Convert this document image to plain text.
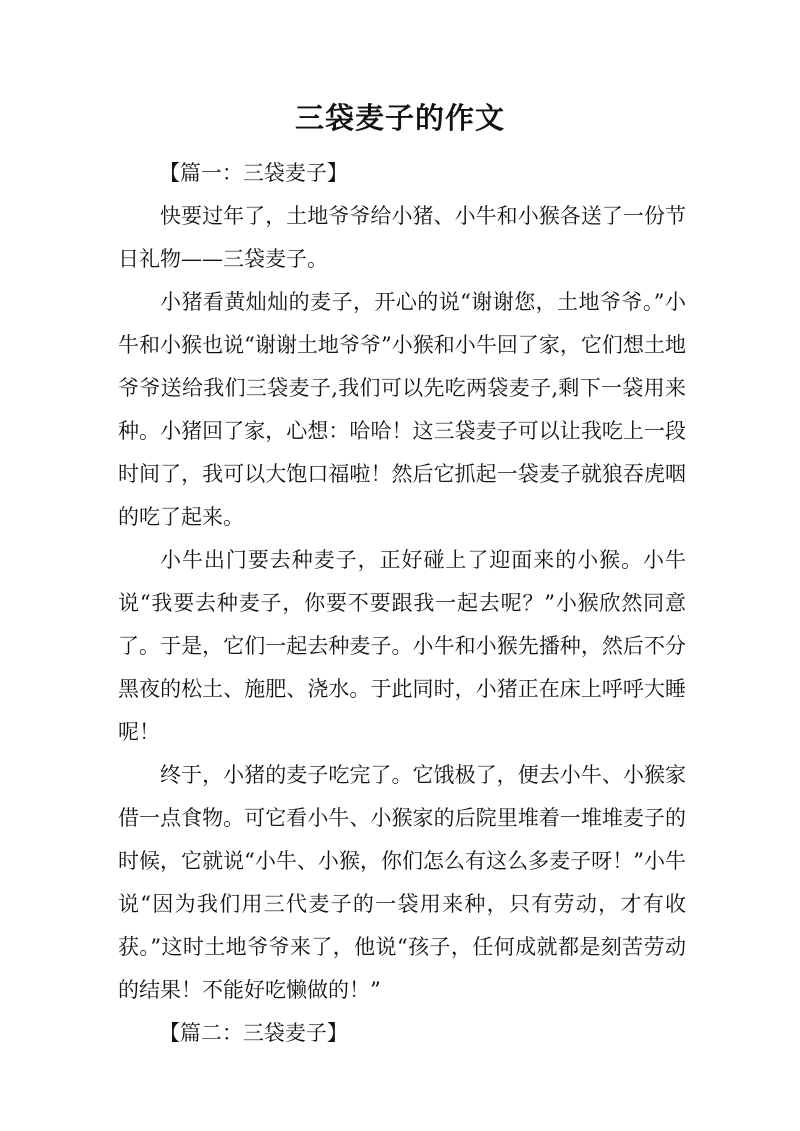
三袋麦子的作文

【篇一：三袋麦子】

快要过年了，土地爷爷给小猪、小牛和小猴各送了一份节日礼物——三袋麦子。

小猪看黄灿灿的麦子，开心的说“谢谢您，土地爷爷。”小牛和小猴也说“谢谢土地爷爷”小猴和小牛回了家，它们想土地爷爷送给我们三袋麦子,我们可以先吃两袋麦子,剩下一袋用来种。小猪回了家，心想：哈哈！这三袋麦子可以让我吃上一段时间了，我可以大饱口福啦！然后它抓起一袋麦子就狼吞虎咽的吃了起来。

小牛出门要去种麦子，正好碰上了迎面来的小猴。小牛说“我要去种麦子，你要不要跟我一起去呢？”小猴欣然同意了。于是，它们一起去种麦子。小牛和小猴先播种，然后不分黑夜的松土、施肥、浇水。于此同时，小猪正在床上呼呼大睡呢！

终于，小猪的麦子吃完了。它饿极了，便去小牛、小猴家借一点食物。可它看小牛、小猴家的后院里堆着一堆堆麦子的时候，它就说“小牛、小猴，你们怎么有这么多麦子呀！”小牛说“因为我们用三代麦子的一袋用来种，只有劳动，才有收获。”这时土地爷爷来了，他说“孩子，任何成就都是刻苦劳动的结果！不能好吃懒做的！”

【篇二：三袋麦子】
